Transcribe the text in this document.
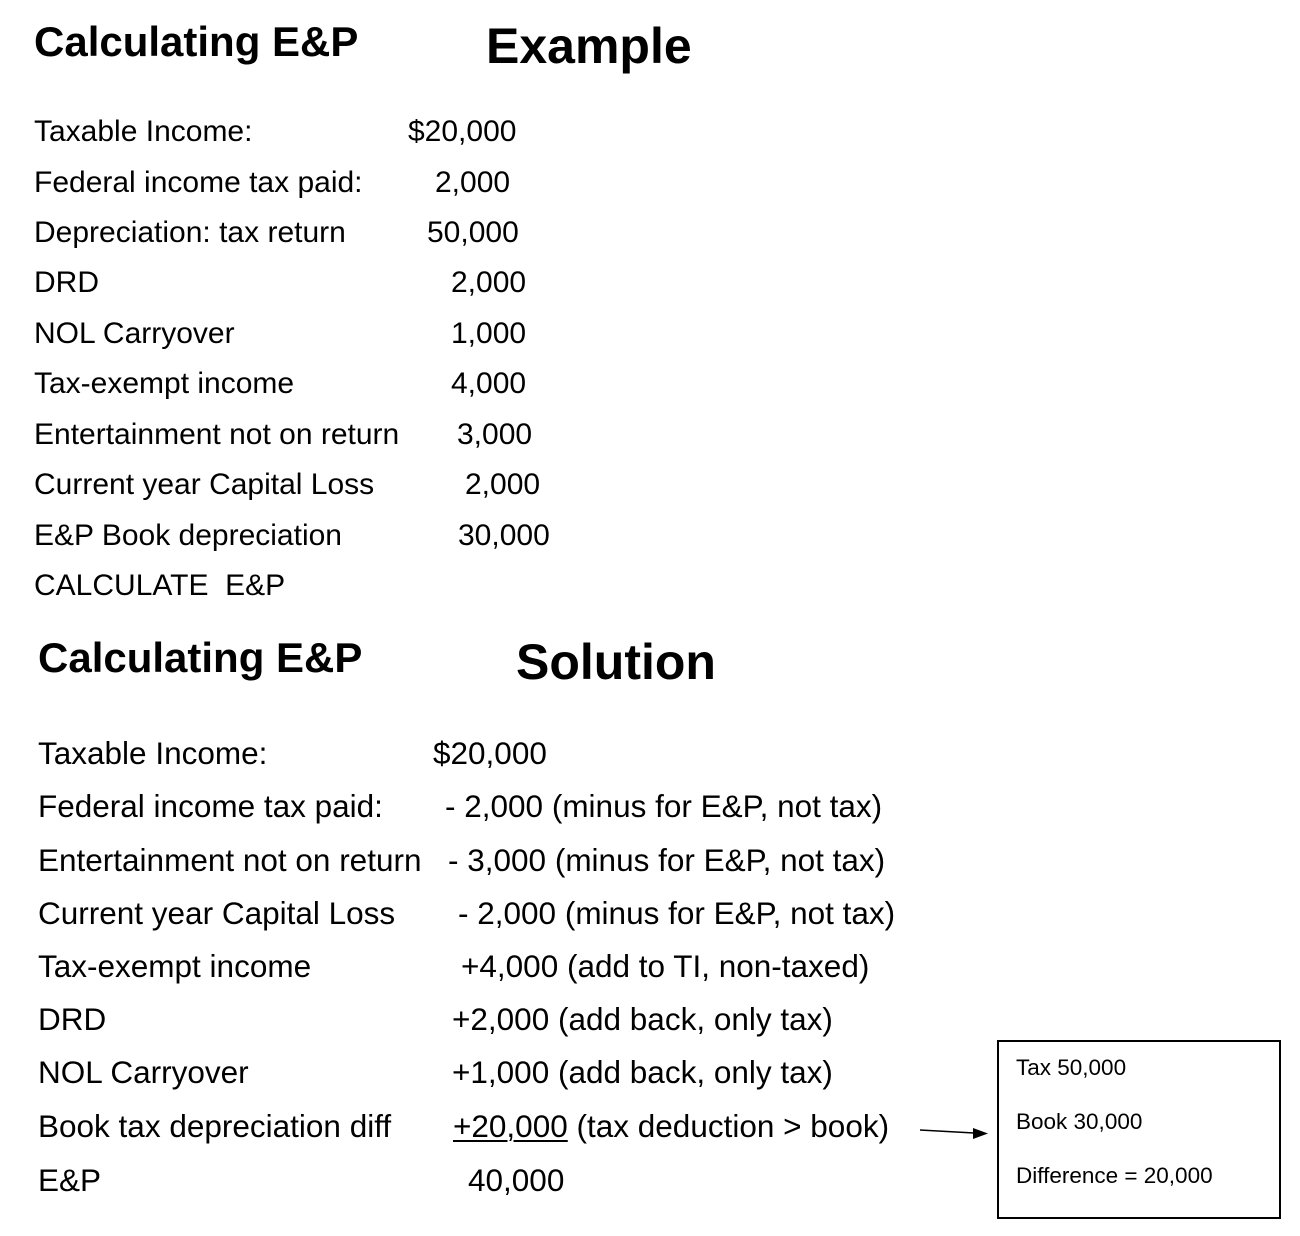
Calculating E&P	Example
Taxable Income:	$20,000
Federal income tax paid: 2,000
Depreciation: tax return	50,000
DRD	2,000
NOL Carryover	1,000
Tax-exempt income	4,000
Entertainment not on return 3,000
Current year Capital Loss	2,000
E&P Book depreciation	30,000
CALCULATE  E&P
Calculating E&P	Solution
Taxable Income:	$20,000
Federal income tax paid: - 2,000 (minus for E&P, not tax)
Entertainment not on return - 3,000 (minus for E&P, not tax)
Current year Capital Loss - 2,000 (minus for E&P, not tax)
Tax-exempt income	+4,000 (add to TI, non-taxed)
DRD	+2,000 (add back, only tax)
NOL Carryover	+1,000 (add back, only tax)
Book tax depreciation diff +20,000 (tax deduction > book)
E&P	40,000
Tax 50,000
Book 30,000
Difference = 20,000
